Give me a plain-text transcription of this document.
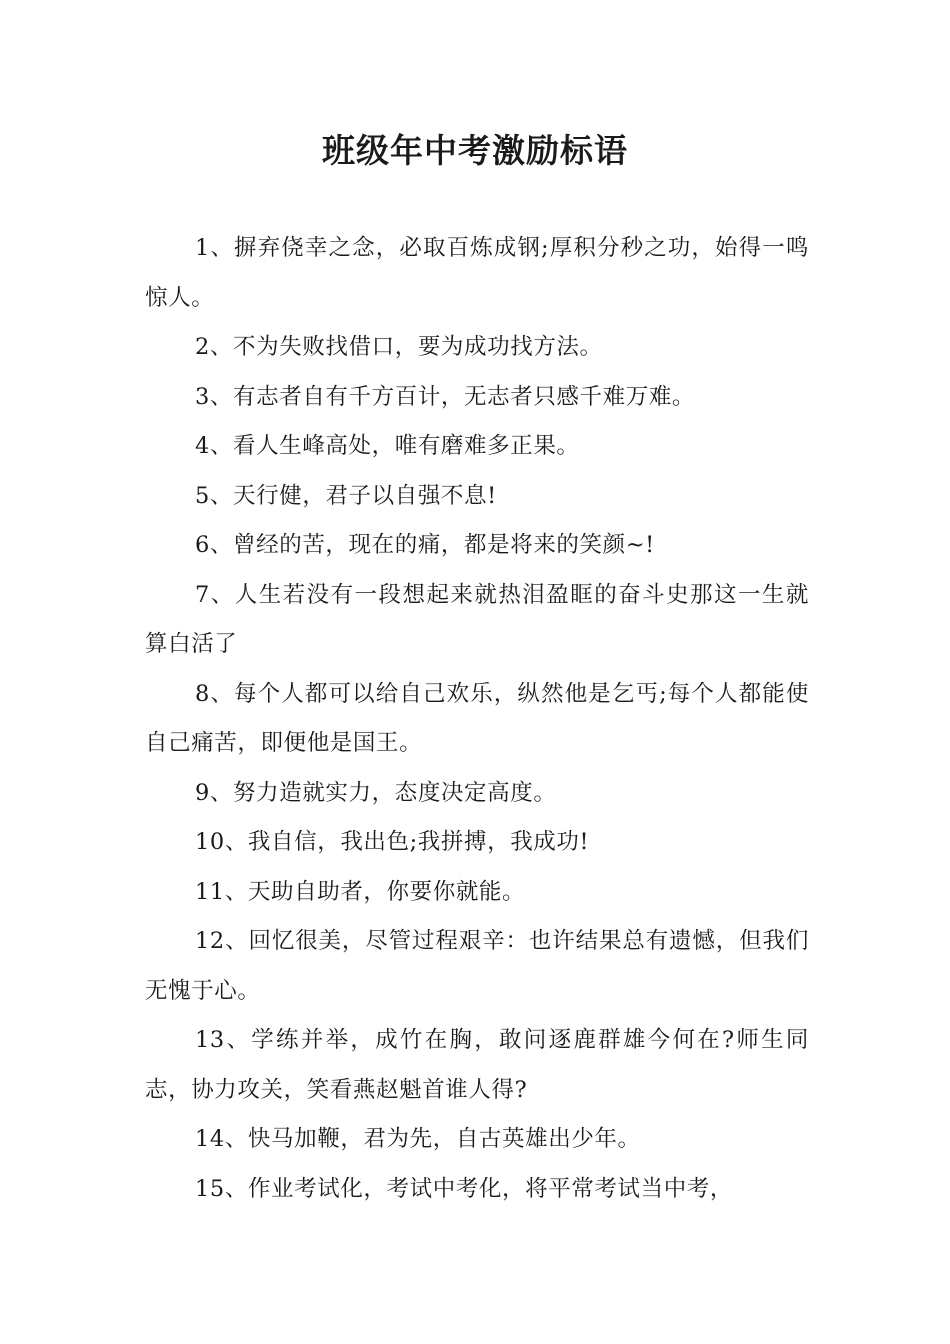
班级年中考激励标语

1、摒弃侥幸之念，必取百炼成钢;厚积分秒之功，始得一鸣惊人。

2、不为失败找借口，要为成功找方法。

3、有志者自有千方百计，无志者只感千难万难。

4、看人生峰高处，唯有磨难多正果。

5、天行健，君子以自强不息!

6、曾经的苦，现在的痛，都是将来的笑颜~!

7、人生若没有一段想起来就热泪盈眶的奋斗史那这一生就算白活了

8、每个人都可以给自己欢乐，纵然他是乞丐;每个人都能使自己痛苦，即便他是国王。

9、努力造就实力，态度决定高度。

10、我自信，我出色;我拼搏，我成功!

11、天助自助者，你要你就能。

12、回忆很美，尽管过程艰辛：也许结果总有遗憾，但我们无愧于心。

13、学练并举，成竹在胸，敢问逐鹿群雄今何在?师生同志，协力攻关，笑看燕赵魁首谁人得?

14、快马加鞭，君为先，自古英雄出少年。

15、作业考试化，考试中考化，将平常考试当中考，
